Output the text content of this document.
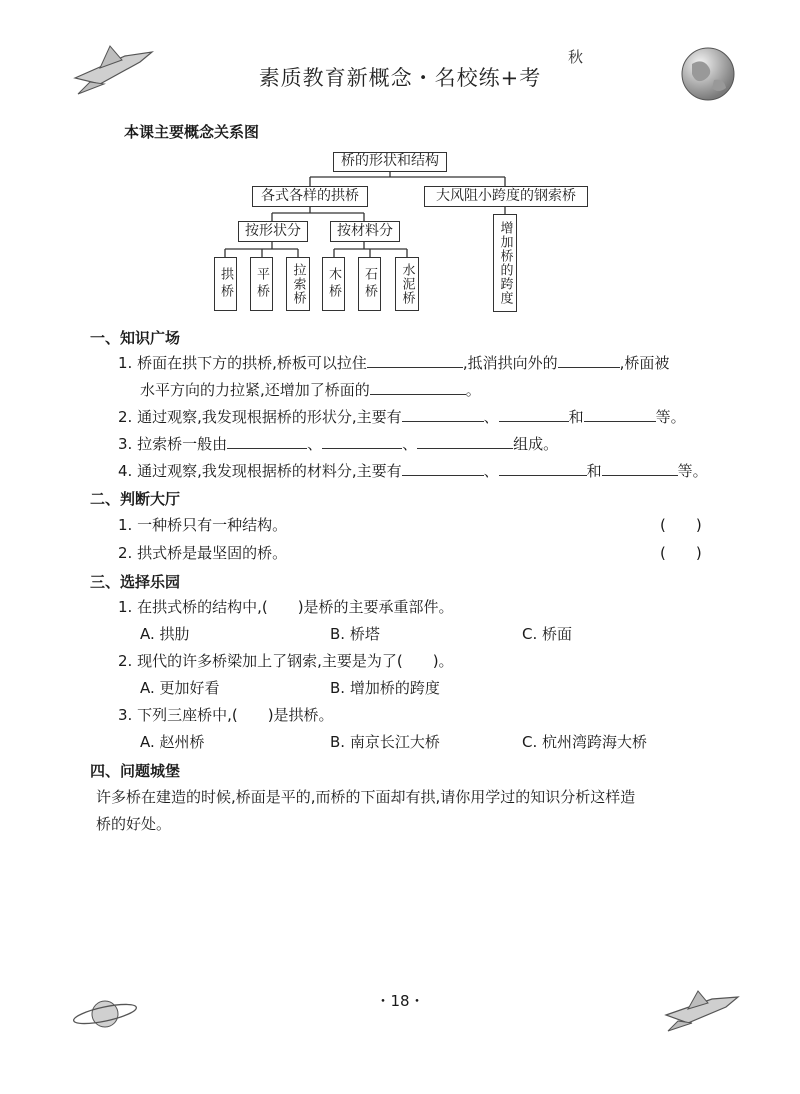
素质教育新概念・名校练+考
秋
本课主要概念关系图
桥的形状和结构
各式各样的拱桥	大风阻小跨度的钢索桥
按形状分	按材料分
拱桥	平桥	拉索桥	木桥	石桥	水泥桥	增加桥的跨度
一、知识广场
1. 桥面在拱下方的拱桥,桥板可以拉住	,抵消拱向外的	,桥面被
水平方向的力拉紧,还增加了桥面的	。
2. 通过观察,我发现根据桥的形状分,主要有	、	和	等。
3. 拉索桥一般由	、	、	组成。
4. 通过观察,我发现根据桥的材料分,主要有	、	和	等。
二、判断大厅
1. 一种桥只有一种结构。	(　　)
2. 拱式桥是最坚固的桥。	(　　)
三、选择乐园
1. 在拱式桥的结构中,(　　)是桥的主要承重部件。
A. 拱肋	B. 桥塔	C. 桥面
2. 现代的许多桥梁加上了钢索,主要是为了(　　)。
A. 更加好看	B. 增加桥的跨度
3. 下列三座桥中,(　　)是拱桥。
A. 赵州桥	B. 南京长江大桥	C. 杭州湾跨海大桥
四、问题城堡
许多桥在建造的时候,桥面是平的,而桥的下面却有拱,请你用学过的知识分析这样造
桥的好处。
・18・
